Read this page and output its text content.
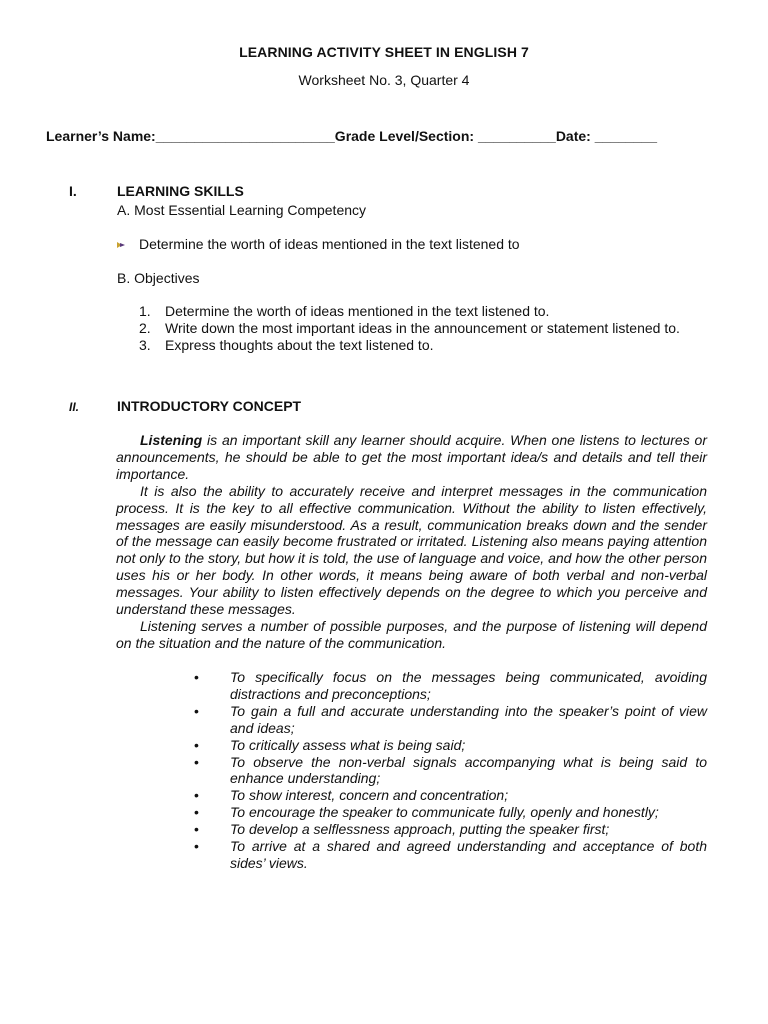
LEARNING ACTIVITY SHEET IN ENGLISH 7
Worksheet No. 3, Quarter 4
Learner’s Name:_______________________Grade Level/Section: __________Date: ________
I.	LEARNING SKILLS
A. Most Essential Learning Competency
Determine the worth of ideas mentioned in the text listened to
B. Objectives
1.	Determine the worth of ideas mentioned in the text listened to.
2.	Write down the most important ideas in the announcement or statement listened to.
3.	Express thoughts about the text listened to.
II.	INTRODUCTORY CONCEPT

Listening is an important skill any learner should acquire. When one listens to lectures or announcements, he should be able to get the most important idea/s and details and tell their importance.

It is also the ability to accurately receive and interpret messages in the communication process. It is the key to all effective communication. Without the ability to listen effectively, messages are easily misunderstood. As a result, communication breaks down and the sender of the message can easily become frustrated or irritated. Listening also means paying attention not only to the story, but how it is told, the use of language and voice, and how the other person uses his or her body. In other words, it means being aware of both verbal and non-verbal messages. Your ability to listen effectively depends on the degree to which you perceive and understand these messages.

Listening serves a number of possible purposes, and the purpose of listening will depend on the situation and the nature of the communication.

•	To specifically focus on the messages being communicated, avoiding distractions and preconceptions;
•	To gain a full and accurate understanding into the speaker’s point of view and ideas;
•	To critically assess what is being said;
•	To observe the non-verbal signals accompanying what is being said to enhance understanding;
•	To show interest, concern and concentration;
•	To encourage the speaker to communicate fully, openly and honestly;
•	To develop a selflessness approach, putting the speaker first;
•	To arrive at a shared and agreed understanding and acceptance of both sides’ views.
